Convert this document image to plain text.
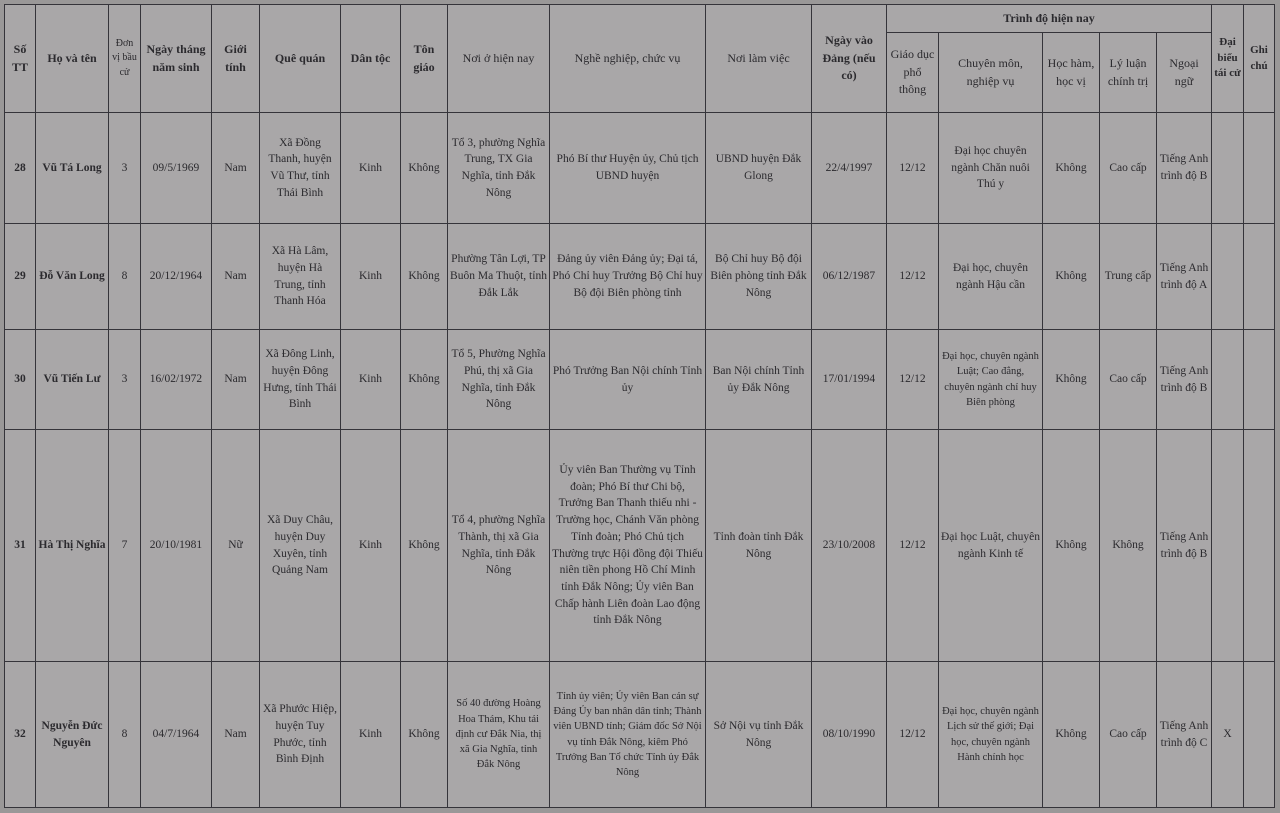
Số TT	Họ và tên	Đơn vị bầu cử	Ngày tháng năm sinh	Giới tính	Quê quán	Dân tộc	Tôn giáo	Nơi ở hiện nay	Nghề nghiệp, chức vụ	Nơi làm việc	Ngày vào Đảng (nếu có)	Trình độ hiện nay					Đại biểu tái cử	Ghi chú
												Giáo dục phổ thông	Chuyên môn, nghiệp vụ	Học hàm, học vị	Lý luận chính trị	Ngoại ngữ		
28	Vũ Tá Long	3	09/5/1969	Nam	Xã Đồng Thanh, huyện Vũ Thư, tỉnh Thái Bình	Kinh	Không	Tổ 3, phường Nghĩa Trung, TX Gia Nghĩa, tỉnh Đắk Nông	Phó Bí thư Huyện ủy, Chủ tịch UBND huyện	UBND huyện Đắk Glong	22/4/1997	12/12	Đại học chuyên ngành Chăn nuôi Thú y	Không	Cao cấp	Tiếng Anh trình độ B		
29	Đỗ Văn Long	8	20/12/1964	Nam	Xã Hà Lâm, huyện Hà Trung, tỉnh Thanh Hóa	Kinh	Không	Phường Tân Lợi, TP Buôn Ma Thuột, tỉnh Đắk Lắk	Đảng ủy viên Đảng ủy; Đại tá, Phó Chỉ huy Trưởng Bộ Chỉ huy Bộ đội Biên phòng tỉnh	Bộ Chỉ huy Bộ đội Biên phòng tỉnh Đắk Nông	06/12/1987	12/12	Đại học, chuyên ngành Hậu cần	Không	Trung cấp	Tiếng Anh trình độ A		
30	Vũ Tiến Lư	3	16/02/1972	Nam	Xã Đông Linh, huyện Đông Hưng, tỉnh Thái Bình	Kinh	Không	Tổ 5, Phường Nghĩa Phú, thị xã Gia Nghĩa, tỉnh Đắk Nông	Phó Trưởng Ban Nội chính Tỉnh ủy	Ban Nội chính Tỉnh ủy Đắk Nông	17/01/1994	12/12	Đại học, chuyên ngành Luật; Cao đẳng, chuyên ngành chỉ huy Biên phòng	Không	Cao cấp	Tiếng Anh trình độ B		
31	Hà Thị Nghĩa	7	20/10/1981	Nữ	Xã Duy Châu, huyện Duy Xuyên, tỉnh Quảng Nam	Kinh	Không	Tổ 4, phường Nghĩa Thành, thị xã Gia Nghĩa, tỉnh Đắk Nông	Ủy viên Ban Thường vụ Tỉnh đoàn; Phó Bí thư Chi bộ, Trưởng Ban Thanh thiếu nhi - Trường học, Chánh Văn phòng Tỉnh đoàn; Phó Chủ tịch Thường trực Hội đồng đội Thiếu niên tiền phong Hồ Chí Minh tỉnh Đắk Nông; Ủy viên Ban Chấp hành Liên đoàn Lao động tỉnh Đắk Nông	Tỉnh đoàn tỉnh Đắk Nông	23/10/2008	12/12	Đại học Luật, chuyên ngành Kinh tế	Không	Không	Tiếng Anh trình độ B		
32	Nguyễn Đức Nguyên	8	04/7/1964	Nam	Xã Phước Hiệp, huyện Tuy Phước, tỉnh Bình Định	Kinh	Không	Số 40 đường Hoàng Hoa Thám, Khu tái định cư Đắk Nia, thị xã Gia Nghĩa, tỉnh Đắk Nông	Tỉnh ủy viên; Ủy viên Ban cán sự Đảng Ủy ban nhân dân tỉnh; Thành viên UBND tỉnh; Giám đốc Sở Nội vụ tỉnh Đắk Nông, kiêm Phó Trưởng Ban Tổ chức Tỉnh ủy Đắk Nông	Sở Nội vụ tỉnh Đắk Nông	08/10/1990	12/12	Đại học, chuyên ngành Lịch sử thế giới; Đại học, chuyên ngành Hành chính học	Không	Cao cấp	Tiếng Anh trình độ C	X	
